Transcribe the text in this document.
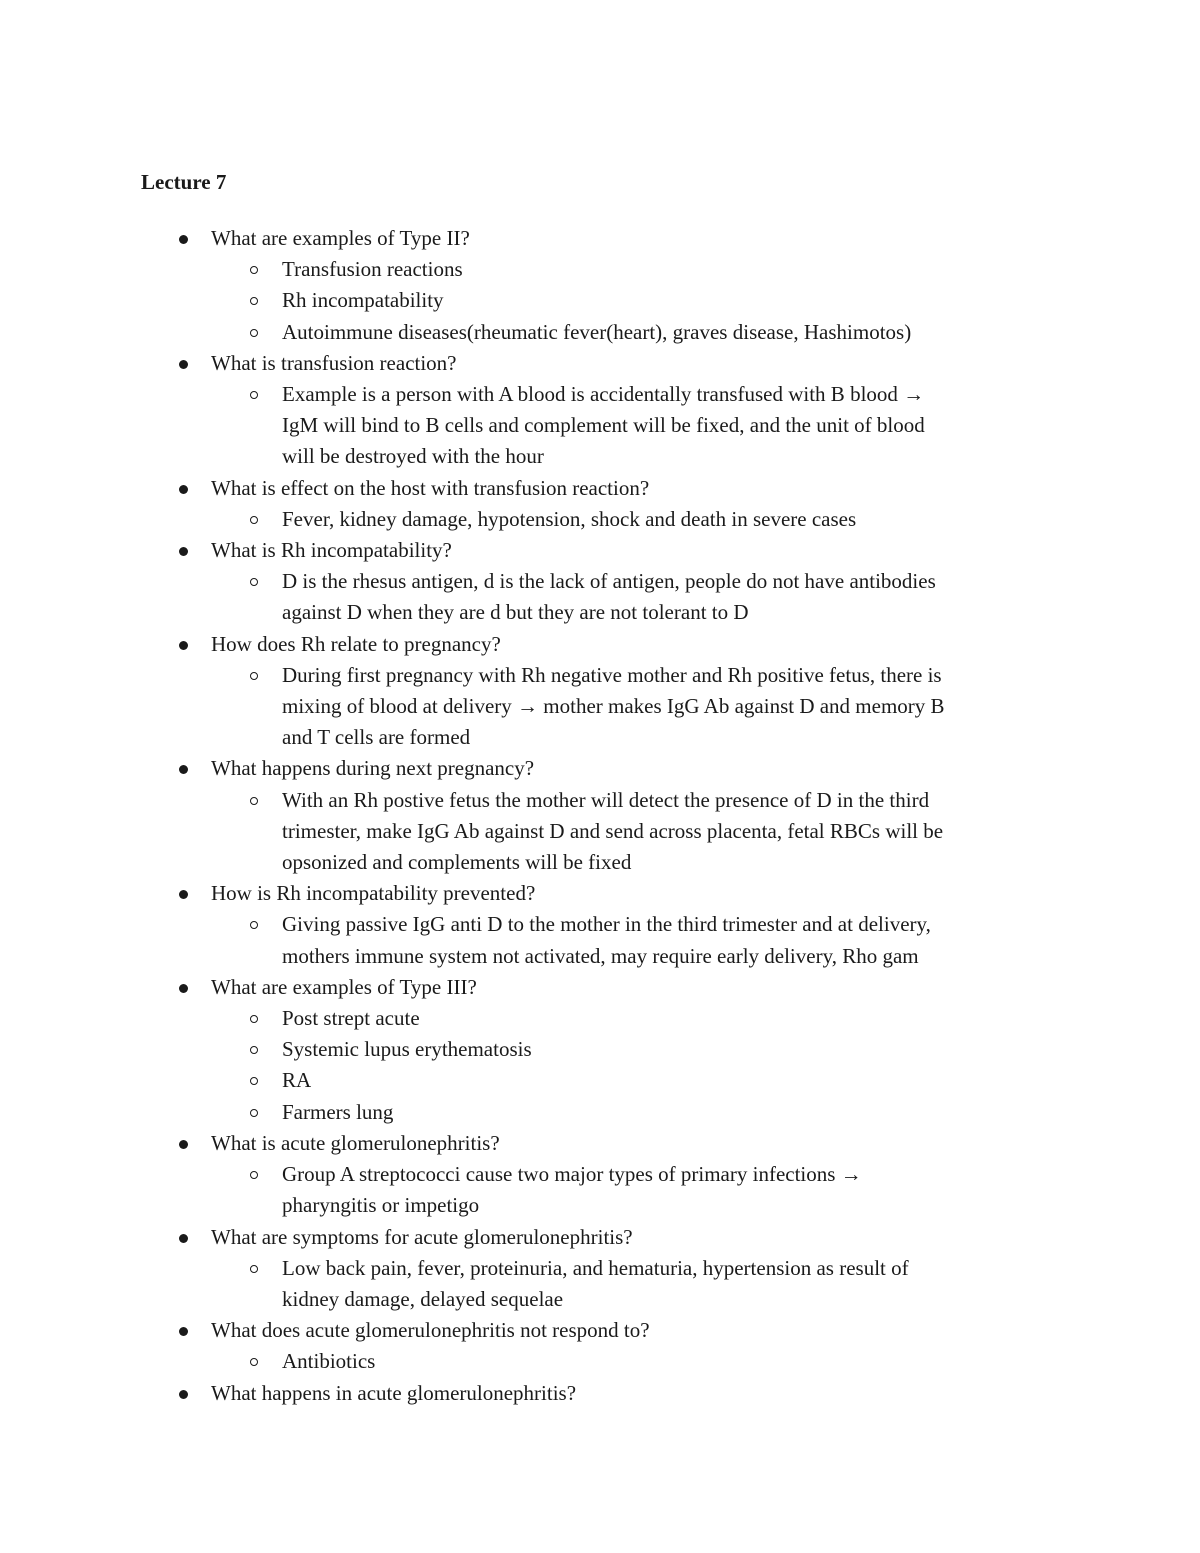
Lecture 7
What are examples of Type II?
Transfusion reactions
Rh incompatability
Autoimmune diseases(rheumatic fever(heart), graves disease, Hashimotos)
What is transfusion reaction?
Example is a person with A blood is accidentally transfused with B blood → IgM will bind to B cells and complement will be fixed, and the unit of blood will be destroyed with the hour
What is effect on the host with transfusion reaction?
Fever, kidney damage, hypotension, shock and death in severe cases
What is Rh incompatability?
D is the rhesus antigen, d is the lack of antigen, people do not have antibodies against D when they are d but they are not tolerant to D
How does Rh relate to pregnancy?
During first pregnancy with Rh negative mother and Rh positive fetus, there is mixing of blood at delivery → mother makes IgG Ab against D and memory B and T cells are formed
What happens during next pregnancy?
With an Rh postive fetus the mother will detect the presence of D in the third trimester, make IgG Ab against D and send across placenta, fetal RBCs will be opsonized and complements will be fixed
How is Rh incompatability prevented?
Giving passive IgG anti D to the mother in the third trimester and at delivery, mothers immune system not activated, may require early delivery, Rho gam
What are examples of Type III?
Post strept acute
Systemic lupus erythematosis
RA
Farmers lung
What is acute glomerulonephritis?
Group A streptococci cause two major types of primary infections → pharyngitis or impetigo
What are symptoms for acute glomerulonephritis?
Low back pain, fever, proteinuria, and hematuria, hypertension as result of kidney damage, delayed sequelae
What does acute glomerulonephritis not respond to?
Antibiotics
What happens in acute glomerulonephritis?
